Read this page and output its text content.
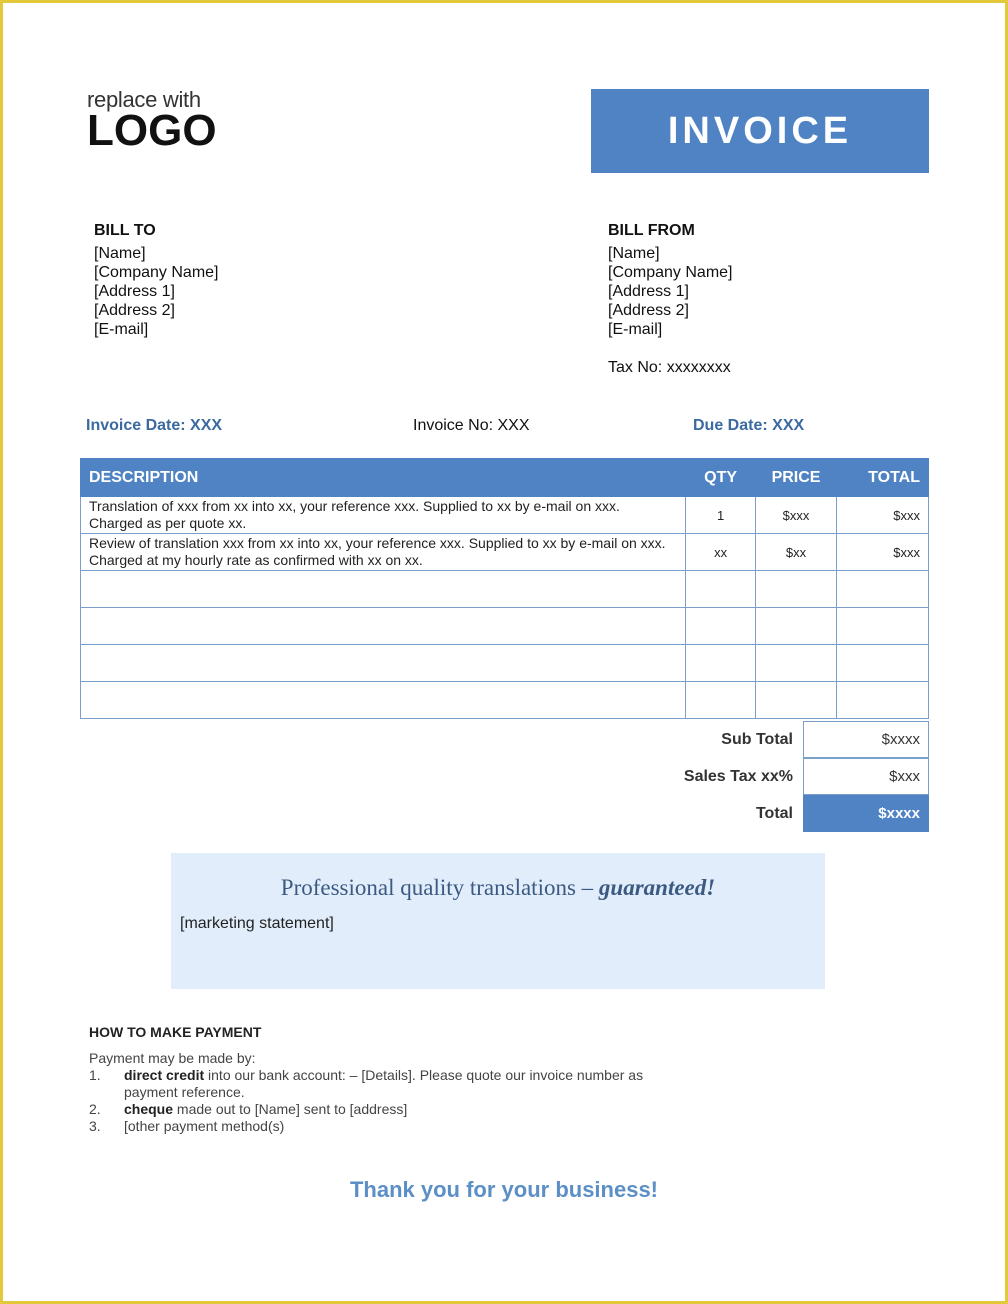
replace with
LOGO	INVOICE
BILL TO
[Name]
[Company Name]
[Address 1]
[Address 2]
[E-mail]
BILL FROM
[Name]
[Company Name]
[Address 1]
[Address 2]
[E-mail]
Tax No: xxxxxxxx
Invoice Date: XXX	Invoice No: XXX	Due Date: XXX
DESCRIPTION	QTY	PRICE	TOTAL
Translation of xxx from xx into xx, your reference xxx. Supplied to xx by e-mail on xxx. Charged as per quote xx.	1	$xxx	$xxx
Review of translation xxx from xx into xx, your reference xxx. Supplied to xx by e-mail on xxx. Charged at my hourly rate as confirmed with xx on xx.	xx	$xx	$xxx

Sub Total	$xxxx
Sales Tax xx%	$xxx
Total	$xxxx
Professional quality translations – guaranteed!
[marketing statement]
HOW TO MAKE PAYMENT
Payment may be made by:
1.	direct credit into our bank account: – [Details]. Please quote our invoice number as payment reference.
2.	cheque made out to [Name] sent to [address]
3.	[other payment method(s)
Thank you for your business!
